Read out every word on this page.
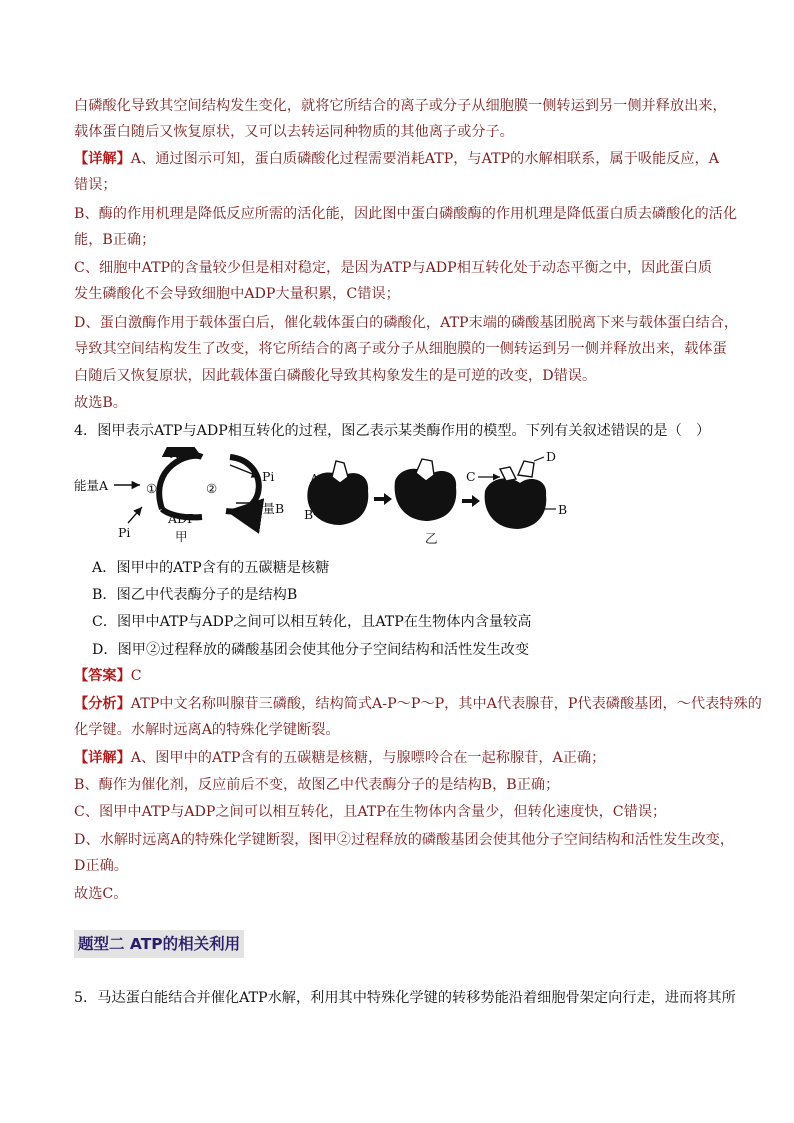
白磷酸化导致其空间结构发生变化，就将它所结合的离子或分子从细胞膜一侧转运到另一侧并释放出来，
载体蛋白随后又恢复原状，又可以去转运同种物质的其他离子或分子。
【详解】A、通过图示可知，蛋白质磷酸化过程需要消耗ATP，与ATP的水解相联系，属于吸能反应，A
错误；
B、酶的作用机理是降低反应所需的活化能，因此图中蛋白磷酸酶的作用机理是降低蛋白质去磷酸化的活化
能，B正确；
C、细胞中ATP的含量较少但是相对稳定，是因为ATP与ADP相互转化处于动态平衡之中，因此蛋白质
发生磷酸化不会导致细胞中ADP大量积累，C错误；
D、蛋白激酶作用于载体蛋白后，催化载体蛋白的磷酸化，ATP末端的磷酸基团脱离下来与载体蛋白结合，
导致其空间结构发生了改变，将它所结合的离子或分子从细胞膜的一侧转运到另一侧并释放出来，载体蛋
白随后又恢复原状，因此载体蛋白磷酸化导致其构象发生的是可逆的改变，D错误。
故选B。
4．图甲表示ATP与ADP相互转化的过程，图乙表示某类酶作用的模型。下列有关叙述错误的是（　）
ATP
ADP
Pi
Pi
能量A
能量B
①	②
甲
A
B
C
D
B
乙
A．图甲中的ATP含有的五碳糖是核糖
B．图乙中代表酶分子的是结构B
C．图甲中ATP与ADP之间可以相互转化，且ATP在生物体内含量较高
D．图甲②过程释放的磷酸基团会使其他分子空间结构和活性发生改变
【答案】C
【分析】ATP中文名称叫腺苷三磷酸，结构简式A-P～P～P，其中A代表腺苷，P代表磷酸基团，～代表特殊的
化学键。水解时远离A的特殊化学键断裂。
【详解】A、图甲中的ATP含有的五碳糖是核糖，与腺嘌呤合在一起称腺苷，A正确；
B、酶作为催化剂，反应前后不变，故图乙中代表酶分子的是结构B，B正确；
C、图甲中ATP与ADP之间可以相互转化，且ATP在生物体内含量少，但转化速度快，C错误；
D、水解时远离A的特殊化学键断裂，图甲②过程释放的磷酸基团会使其他分子空间结构和活性发生改变，
D正确。
故选C。
题型二 ATP的相关利用
5．马达蛋白能结合并催化ATP水解，利用其中特殊化学键的转移势能沿着细胞骨架定向行走，进而将其所
